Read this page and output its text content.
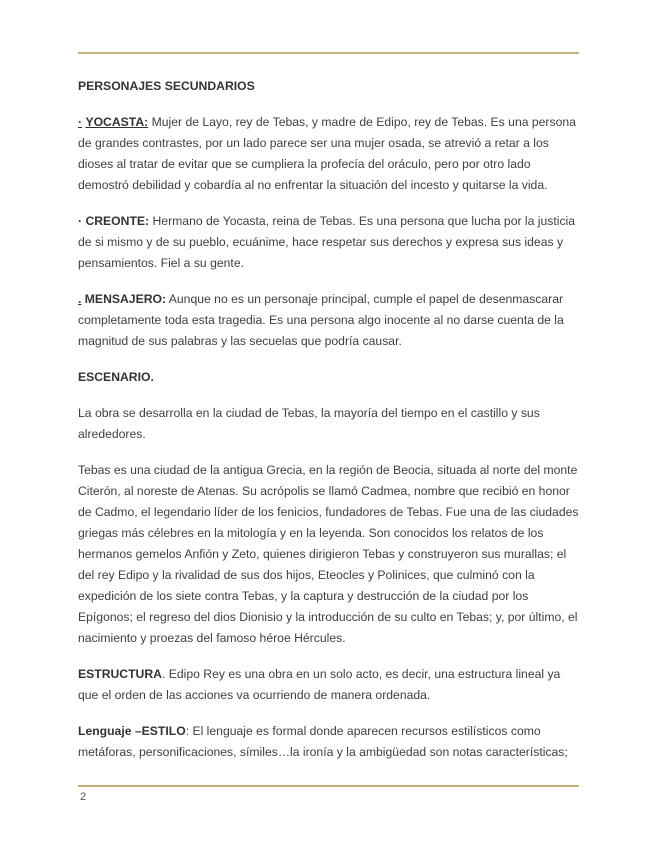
PERSONAJES SECUNDARIOS

· YOCASTA: Mujer de Layo, rey de Tebas, y madre de Edipo, rey de Tebas. Es una persona de grandes contrastes, por un lado parece ser una mujer osada, se atrevió a retar a los dioses al tratar de evitar que se cumpliera la profecía del oráculo, pero por otro lado demostró debilidad y cobardía al no enfrentar la situación del incesto y quitarse la vida.

· CREONTE: Hermano de Yocasta, reina de Tebas. Es una persona que lucha por la justicia de si mismo y de su pueblo, ecuánime, hace respetar sus derechos y expresa sus ideas y pensamientos. Fiel a su gente.

. MENSAJERO: Aunque no es un personaje principal, cumple el papel de desenmascarar completamente toda esta tragedia. Es una persona algo inocente al no darse cuenta de la magnitud de sus palabras y las secuelas que podría causar.

ESCENARIO.

La obra se desarrolla en la ciudad de Tebas, la mayoría del tiempo en el castillo y sus alrededores.

Tebas es una ciudad de la antigua Grecia, en la región de Beocia, situada al norte del monte Citerón, al noreste de Atenas. Su acrópolis se llamó Cadmea, nombre que recibió en honor de Cadmo, el legendario líder de los fenicios, fundadores de Tebas. Fue una de las ciudades griegas más célebres en la mitología y en la leyenda. Son conocidos los relatos de los hermanos gemelos Anfión y Zeto, quienes dirigieron Tebas y construyeron sus murallas; el del rey Edipo y la rivalidad de sus dos hijos, Eteocles y Polinices, que culminó con la expedición de los siete contra Tebas, y la captura y destrucción de la ciudad por los Epígonos; el regreso del dios Dionisio y la introducción de su culto en Tebas; y, por último, el nacimiento y proezas del famoso héroe Hércules.

ESTRUCTURA. Edipo Rey es una obra en un solo acto, es decir, una estructura lineal ya que el orden de las acciones va ocurriendo de manera ordenada.

Lenguaje –ESTILO: El lenguaje es formal donde aparecen recursos estilísticos como metáforas, personificaciones, símiles…la ironía y la ambigüedad son notas características;

2
